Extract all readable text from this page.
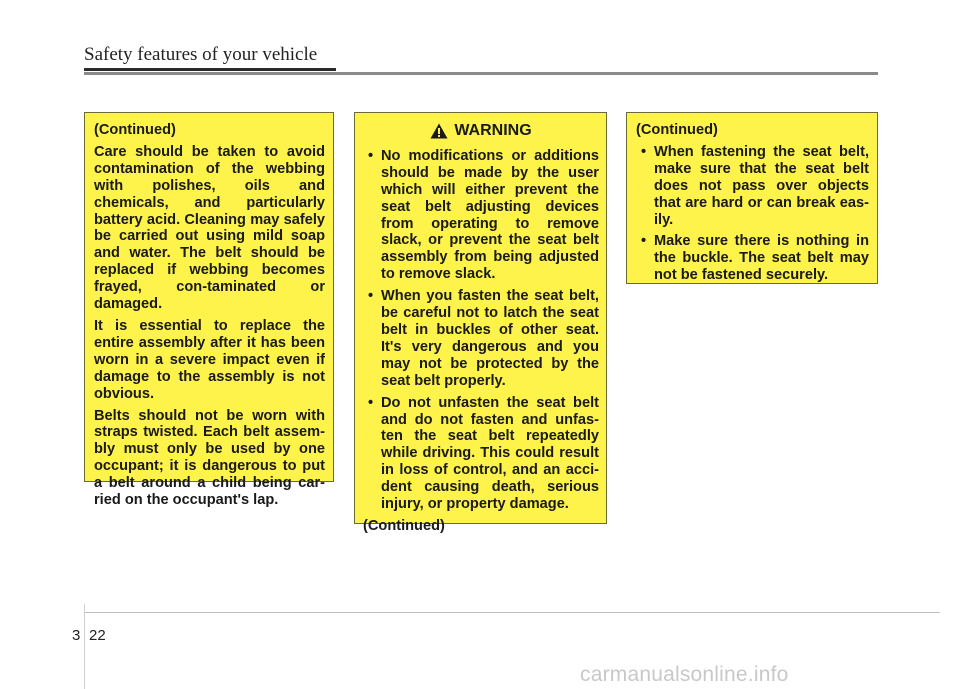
Safety features of your vehicle

(Continued)

Care should be taken to avoid contamination of the webbing with polishes, oils and chemicals, and particularly battery acid. Cleaning may safely be carried out using mild soap and water. The belt should be replaced if webbing becomes frayed, con-taminated or damaged.

It is essential to replace the entire assembly after it has been worn in a severe impact even if damage to the assembly is not obvious.

Belts should not be worn with straps twisted. Each belt assem-bly must only be used by one occupant; it is dangerous to put a belt around a child being car-ried on the occupant's lap.

WARNING
• No modifications or additions should be made by the user which will either prevent the seat belt adjusting devices from operating to remove slack, or prevent the seat belt assembly from being adjusted to remove slack.
• When you fasten the seat belt, be careful not to latch the seat belt in buckles of other seat. It's very dangerous and you may not be protected by the seat belt properly.
• Do not unfasten the seat belt and do not fasten and unfas-ten the seat belt repeatedly while driving. This could result in loss of control, and an acci-dent causing death, serious injury, or property damage.

(Continued)

(Continued)

• When fastening the seat belt, make sure that the seat belt does not pass over objects that are hard or can break eas-ily.
• Make sure there is nothing in the buckle. The seat belt may not be fastened securely.
3 22
carmanualsonline.info
